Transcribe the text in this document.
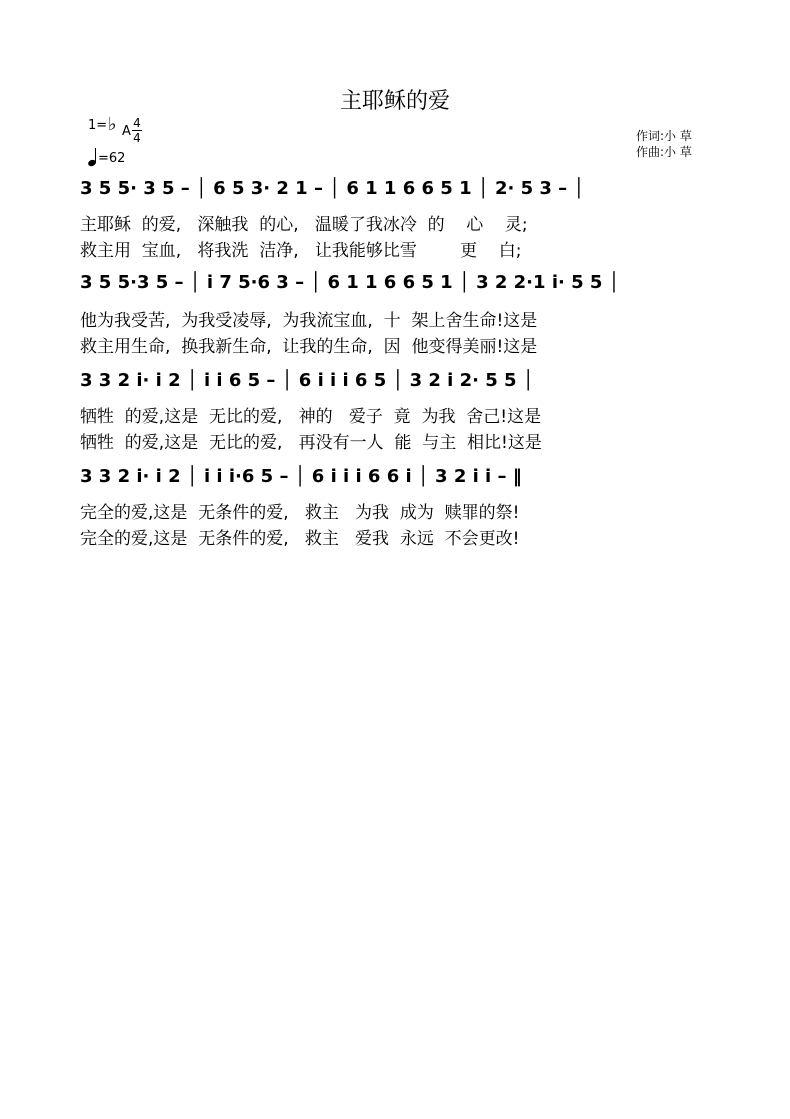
主耶稣的爱
1= ♭ A
4
4
=62
作词:小 草
作曲:小 草
3 5 5· 3 5 – │ 6 5 3· 2 1 – │ 6 1 1 6 6 5 1 │ 2· 5 3 – │
主耶稣  的爱,   深触我  的心,   温暖了我冰冷  的    心    灵;
救主用  宝血,   将我洗  洁净,   让我能够比雪        更    白;
3 5 5·3 5 – │ i 7 5·6 3 – │ 6 1 1 6 6 5 1 │ 3 2 2·1 i· 5 5 │
他为我受苦,  为我受凌辱,  为我流宝血,  十  架上舍生命!这是
救主用生命,  换我新生命,  让我的生命,  因  他变得美丽!这是
3 3 2 i· i 2 │ i i 6 5 – │ 6 i i i 6 5 │ 3 2 i 2· 5 5 │
牺牲  的爱,这是  无比的爱,   神的   爱子  竟  为我  舍己!这是
牺牲  的爱,这是  无比的爱,   再没有一人  能  与主  相比!这是
3 3 2 i· i 2 │ i i i·6 5 – │ 6 i i i 6 6 i │ 3 2 i i – ‖
完全的爱,这是  无条件的爱,   救主   为我  成为  赎罪的祭!
完全的爱,这是  无条件的爱,   救主   爱我  永远  不会更改!
